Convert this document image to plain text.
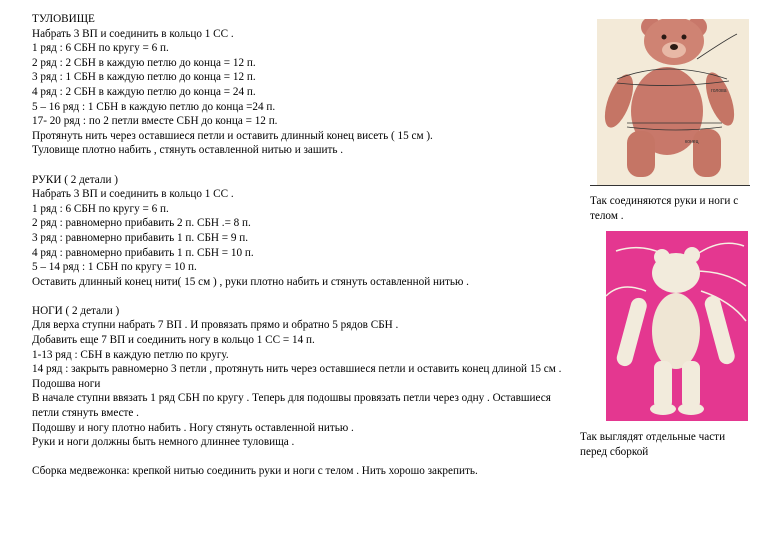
ТУЛОВИЩЕ
Набрать 3 ВП и соединить в кольцо 1 СС .
1 ряд : 6 СБН по кругу = 6 п.
2 ряд : 2 СБН в каждую петлю до конца = 12 п.
3 ряд : 1 СБН в каждую петлю до конца = 12 п.
4 ряд : 2 СБН в каждую петлю до конца = 24 п.
5 – 16 ряд : 1 СБН в каждую петлю до конца =24 п.
17- 20 ряд : по 2 петли вместе СБН до конца = 12 п.
Протянуть нить через оставшиеся петли и оставить длинный конец висеть ( 15 см ).
Туловище плотно набить , стянуть оставленной нитью и зашить .
РУКИ ( 2 детали )
Набрать 3 ВП и соединить в кольцо 1 СС .
1 ряд : 6 СБН по кругу = 6 п.
2 ряд : равномерно прибавить 2 п. СБН .= 8 п.
3 ряд : равномерно прибавить 1 п. СБН = 9 п.
4 ряд : равномерно прибавить 1 п. СБН = 10 п.
5 – 14 ряд : 1 СБН по кругу = 10 п.
Оставить длинный конец нити( 15 см ) , руки плотно набить и стянуть оставленной нитью .
НОГИ ( 2 детали )
Для верха ступни набрать 7 ВП . И провязать прямо и обратно 5 рядов СБН .
Добавить еще 7 ВП и соединить ногу в кольцо 1 СС = 14 п.
1-13 ряд : СБН в каждую петлю по кругу.
14 ряд : закрыть равномерно 3 петли , протянуть нить через оставшиеся петли и оставить конец длиной 15 см .
Подошва ноги
В начале ступни ввязать 1 ряд СБН по кругу . Теперь для подошвы провязать петли через одну . Оставшиеся
петли стянуть вместе .
Подошву и ногу плотно набить . Ногу стянуть оставленной нитью .
Руки и ноги должны быть немного длиннее туловища .
Сборка медвежонка: крепкой нитью соединить руки и ноги с телом . Нить хорошо закрепить.
голова
конец
Так соединяются руки и ноги с
телом .
Так выглядят отдельные части
перед сборкой
